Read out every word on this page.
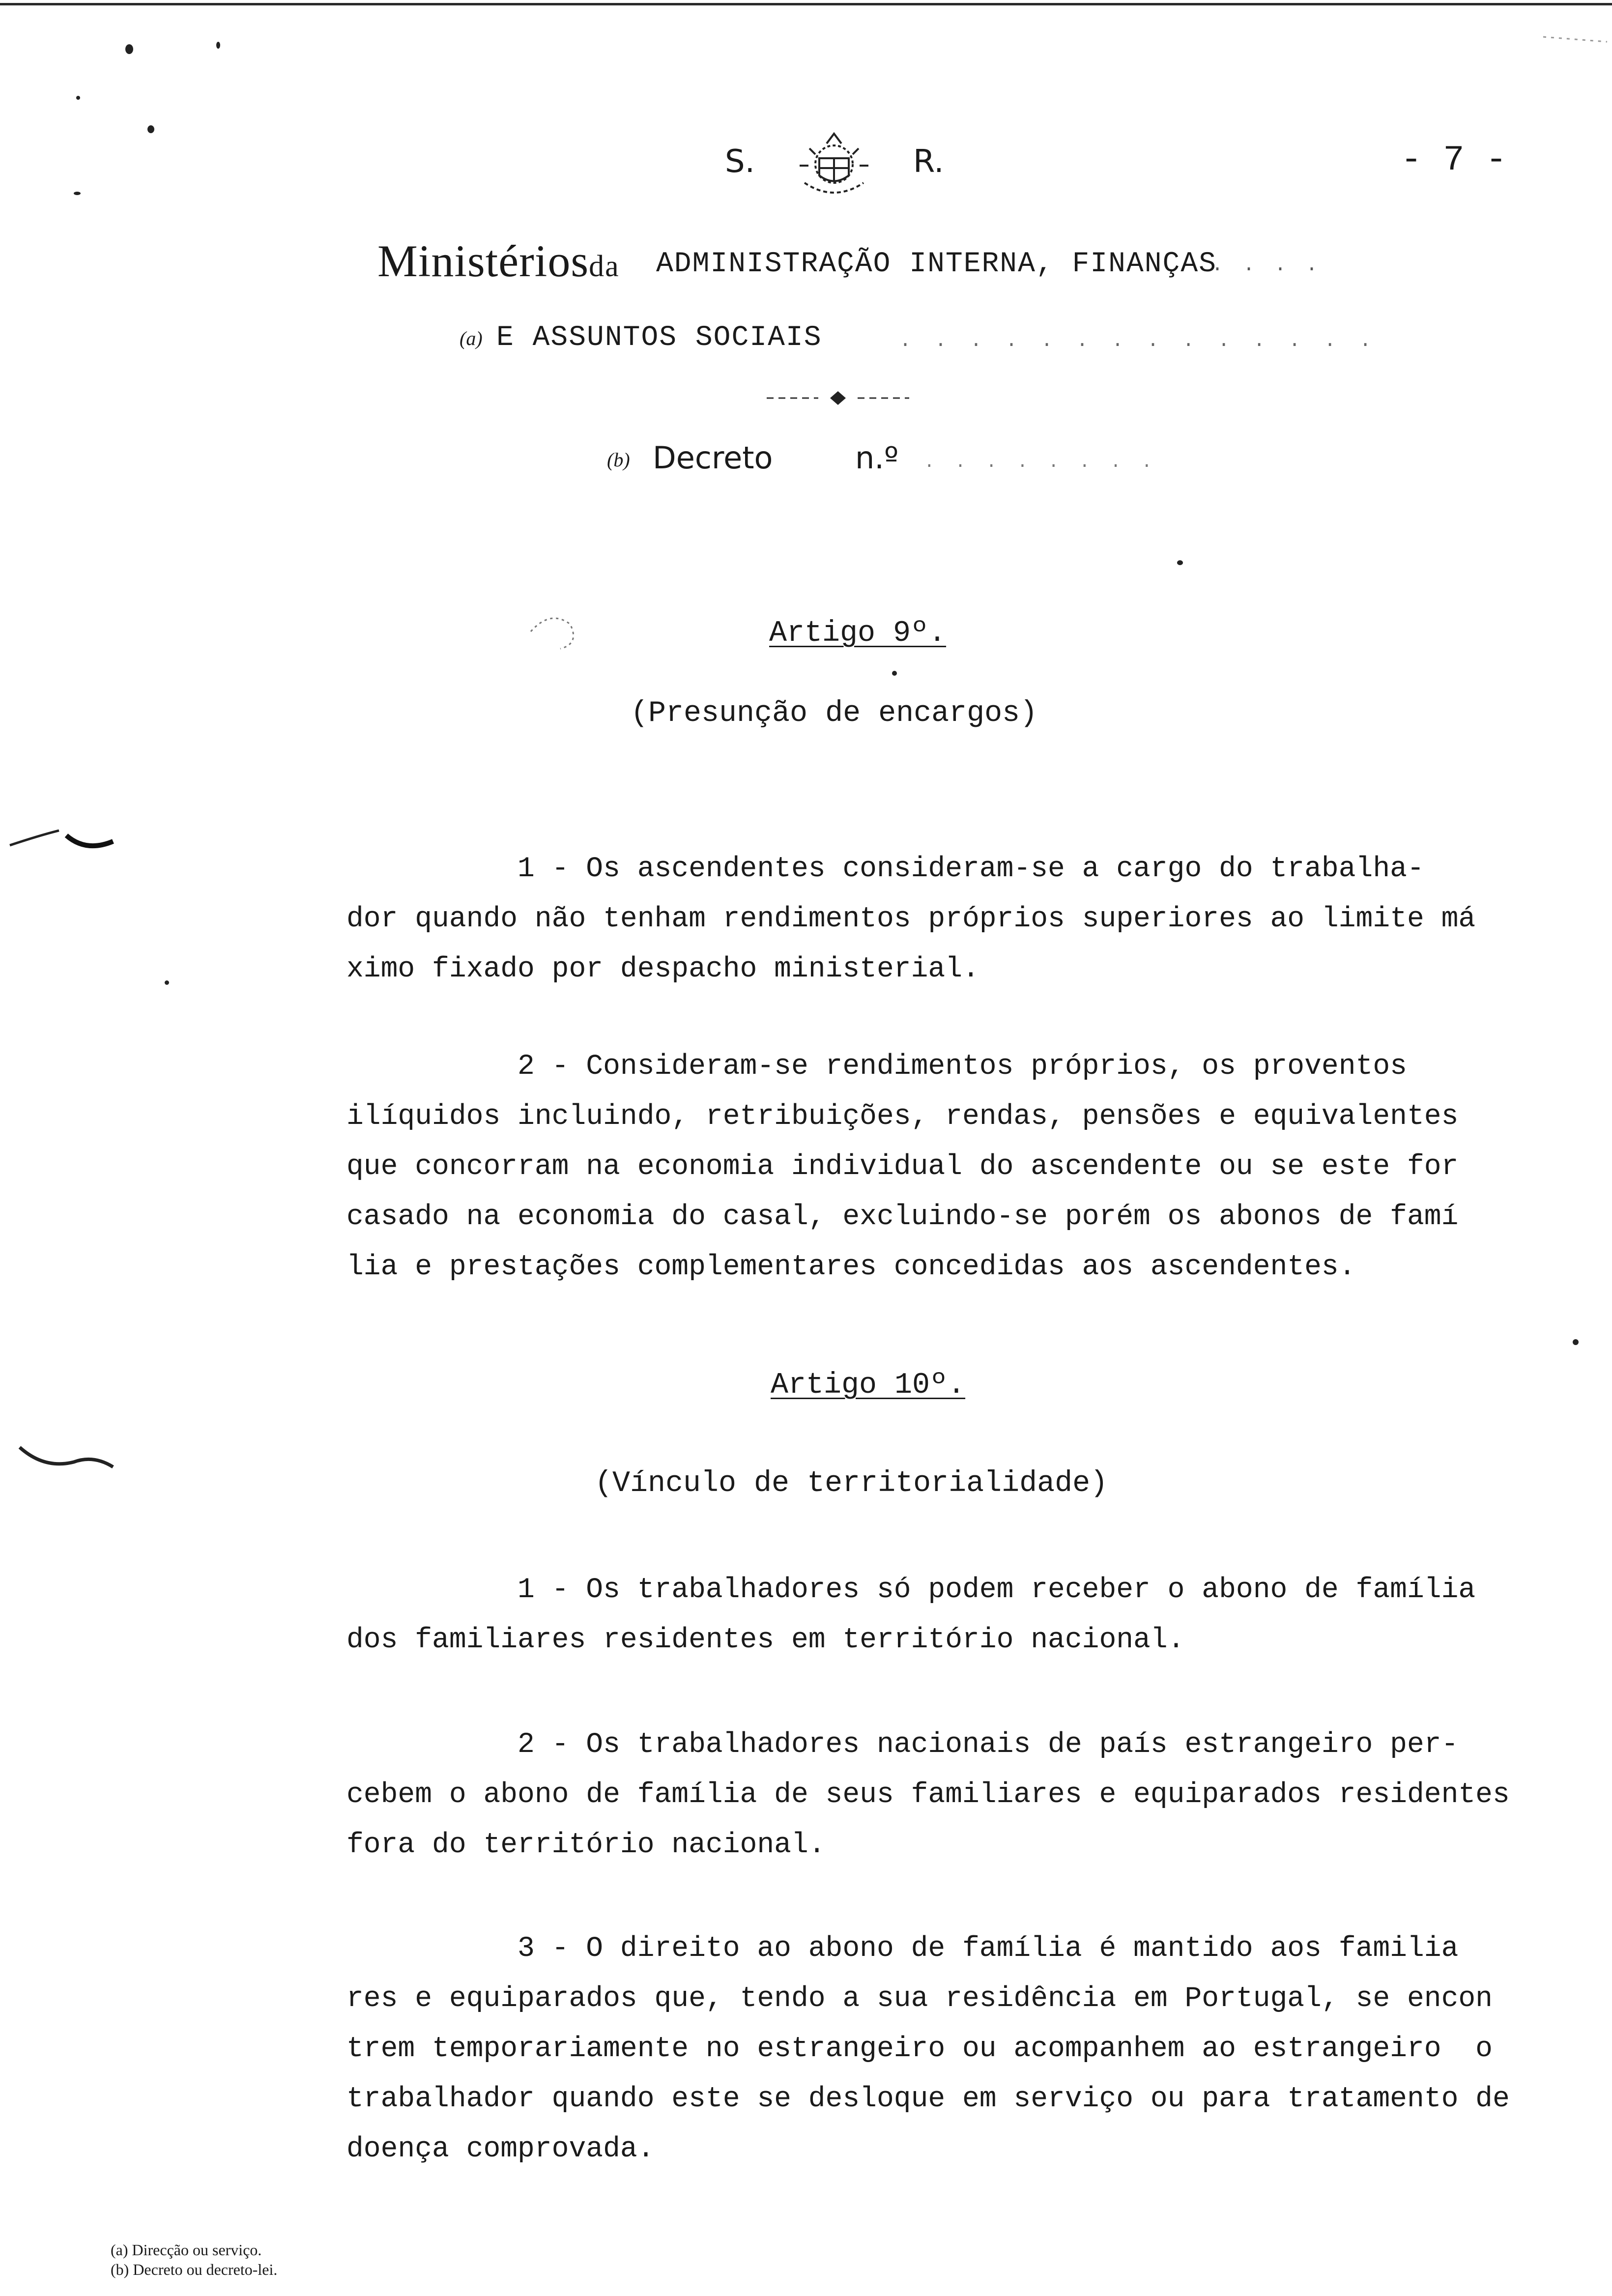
S.	R.	- 7 -
Ministériosda ADMINISTRAÇÃO INTERNA, FINANÇAS
. . . .
(a) E ASSUNTOS SOCIAIS	. . . . . . . . . . . . . .
(b) Decreto	n.º . . . . . . . .
Artigo 9º.
(Presunção de encargos)
1 - Os ascendentes consideram-se a cargo do trabalha-
dor quando não tenham rendimentos próprios superiores ao limite má
ximo fixado por despacho ministerial.
2 - Consideram-se rendimentos próprios, os proventos
ilíquidos incluindo, retribuições, rendas, pensões e equivalentes
que concorram na economia individual do ascendente ou se este for
casado na economia do casal, excluindo-se porém os abonos de famí
lia e prestações complementares concedidas aos ascendentes.
Artigo 10º.
(Vínculo de territorialidade)
1 - Os trabalhadores só podem receber o abono de família
dos familiares residentes em território nacional.
2 - Os trabalhadores nacionais de país estrangeiro per-
cebem o abono de família de seus familiares e equiparados residentes
fora do território nacional.
3 - O direito ao abono de família é mantido aos familia
res e equiparados que, tendo a sua residência em Portugal, se encon
trem temporariamente no estrangeiro ou acompanhem ao estrangeiro  o
trabalhador quando este se desloque em serviço ou para tratamento de
doença comprovada.
(a) Direcção ou serviço.
(b) Decreto ou decreto-lei.
